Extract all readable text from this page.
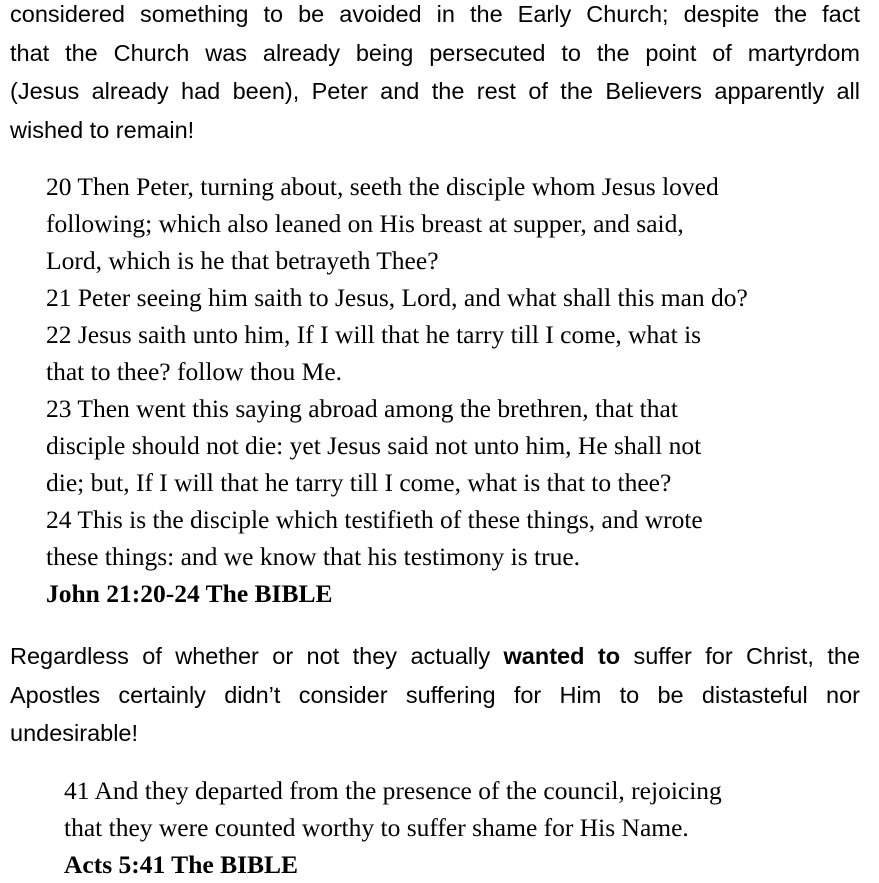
considered something to be avoided in the Early Church; despite the fact
that the Church was already being persecuted to the point of martyrdom
(Jesus already had been), Peter and the rest of the Believers apparently all
wished to remain!
20 Then Peter, turning about, seeth the disciple whom Jesus loved
following; which also leaned on His breast at supper, and said,
Lord, which is he that betrayeth Thee?
21 Peter seeing him saith to Jesus, Lord, and what shall this man do?
22 Jesus saith unto him, If I will that he tarry till I come, what is
that to thee? follow thou Me.
23 Then went this saying abroad among the brethren, that that
disciple should not die: yet Jesus said not unto him, He shall not
die; but, If I will that he tarry till I come, what is that to thee?
24 This is the disciple which testifieth of these things, and wrote
these things: and we know that his testimony is true.
John 21:20-24 The BIBLE
Regardless of whether or not they actually wanted to suffer for Christ, the
Apostles certainly didn’t consider suffering for Him to be distasteful nor
undesirable!
41 And they departed from the presence of the council, rejoicing
that they were counted worthy to suffer shame for His Name.
Acts 5:41 The BIBLE
